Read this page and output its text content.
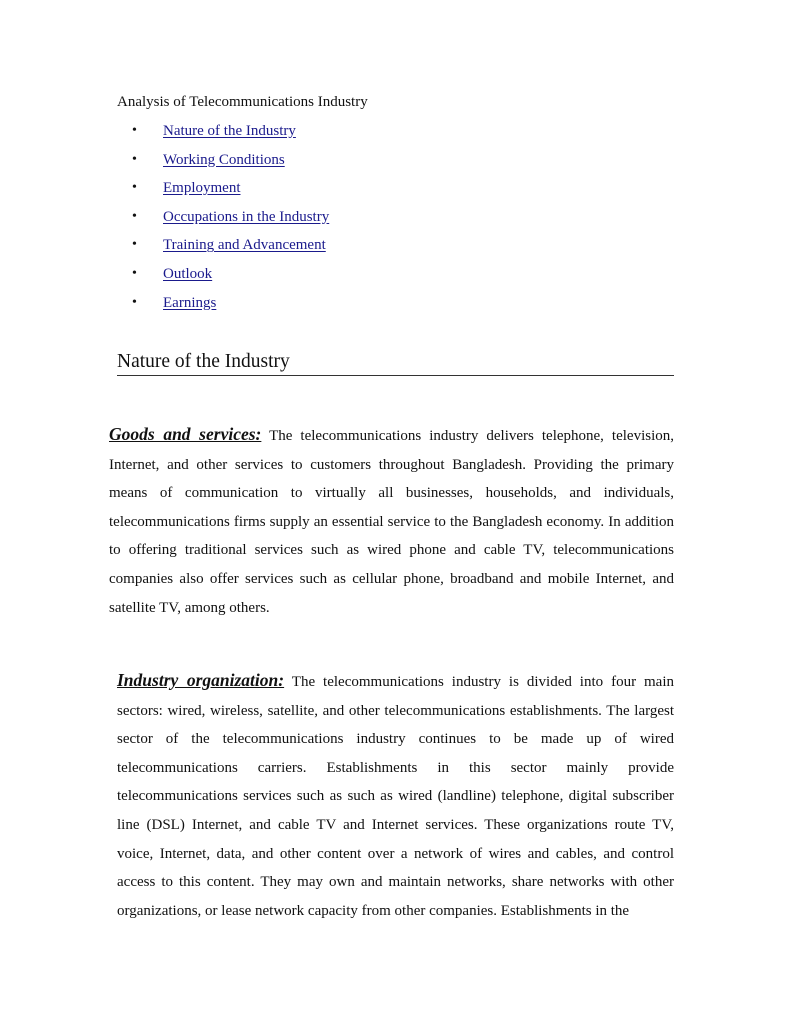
Analysis of Telecommunications Industry
• Nature of the Industry
• Working Conditions
• Employment
• Occupations in the Industry
• Training and Advancement
• Outlook
• Earnings
Nature of the Industry

Goods and services: The telecommunications industry delivers telephone, television, Internet, and other services to customers throughout Bangladesh. Providing the primary means of communication to virtually all businesses, households, and individuals, telecommunications firms supply an essential service to the Bangladesh economy. In addition to offering traditional services such as wired phone and cable TV, telecommunications companies also offer services such as cellular phone, broadband and mobile Internet, and satellite TV, among others.

Industry organization: The telecommunications industry is divided into four main sectors: wired, wireless, satellite, and other telecommunications establishments. The largest sector of the telecommunications industry continues to be made up of wired telecommunications carriers. Establishments in this sector mainly provide telecommunications services such as such as wired (landline) telephone, digital subscriber line (DSL) Internet, and cable TV and Internet services. These organizations route TV, voice, Internet, data, and other content over a network of wires and cables, and control access to this content. They may own and maintain networks, share networks with other organizations, or lease network capacity from other companies. Establishments in the
